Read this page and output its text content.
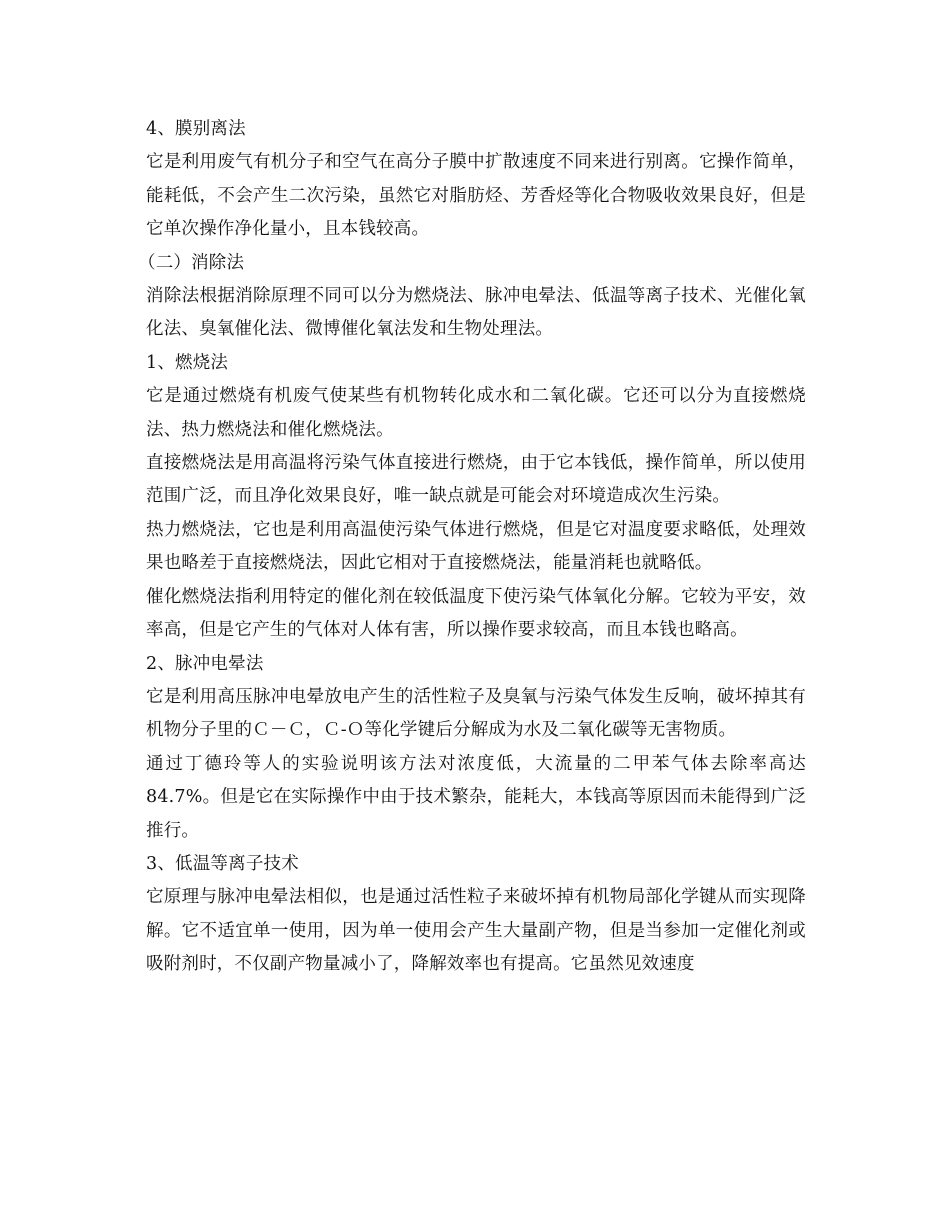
4、膜别离法

它是利用废气有机分子和空气在高分子膜中扩散速度不同来进行别离。它操作简单，能耗低，不会产生二次污染，虽然它对脂肪烃、芳香烃等化合物吸收效果良好，但是它单次操作净化量小，且本钱较高。

（二）消除法

消除法根据消除原理不同可以分为燃烧法、脉冲电晕法、低温等离子技术、光催化氧化法、臭氧催化法、微博催化氧法发和生物处理法。

1、燃烧法

它是通过燃烧有机废气使某些有机物转化成水和二氧化碳。它还可以分为直接燃烧法、热力燃烧法和催化燃烧法。

直接燃烧法是用高温将污染气体直接进行燃烧，由于它本钱低，操作简单，所以使用范围广泛，而且净化效果良好，唯一缺点就是可能会对环境造成次生污染。

热力燃烧法，它也是利用高温使污染气体进行燃烧，但是它对温度要求略低，处理效果也略差于直接燃烧法，因此它相对于直接燃烧法，能量消耗也就略低。

催化燃烧法指利用特定的催化剂在较低温度下使污染气体氧化分解。它较为平安，效率高，但是它产生的气体对人体有害，所以操作要求较高，而且本钱也略高。

2、脉冲电晕法

它是利用高压脉冲电晕放电产生的活性粒子及臭氧与污染气体发生反响，破坏掉其有机物分子里的Ｃ－Ｃ，Ｃ-Ｏ等化学键后分解成为水及二氧化碳等无害物质。

通过丁德玲等人的实验说明该方法对浓度低，大流量的二甲苯气体去除率高达84.7%。但是它在实际操作中由于技术繁杂，能耗大，本钱高等原因而未能得到广泛推行。

3、低温等离子技术

它原理与脉冲电晕法相似，也是通过活性粒子来破坏掉有机物局部化学键从而实现降解。它不适宜单一使用，因为单一使用会产生大量副产物，但是当参加一定催化剂或吸附剂时，不仅副产物量减小了，降解效率也有提高。它虽然见效速度
